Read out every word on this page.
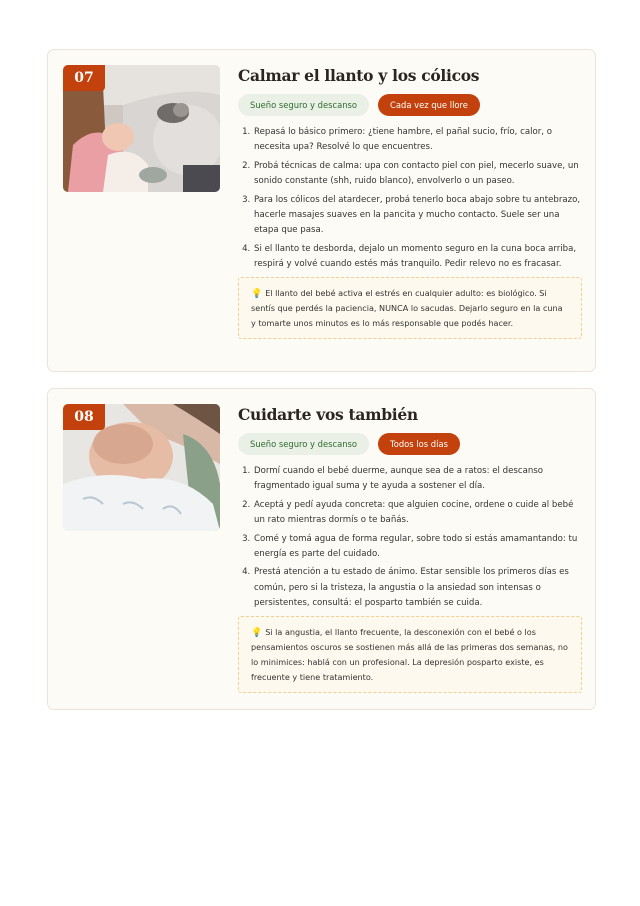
07	Calmar el llanto y los cólicos
Sueño seguro y descanso	Cada vez que llore
1. Repasá lo básico primero: ¿tiene hambre, el pañal sucio, frío, calor, o necesita upa? Resolvé lo que encuentres.
2. Probá técnicas de calma: upa con contacto piel con piel, mecerlo suave, un sonido constante (shh, ruido blanco), envolverlo o un paseo.
3. Para los cólicos del atardecer, probá tenerlo boca abajo sobre tu antebrazo, hacerle masajes suaves en la pancita y mucho contacto. Suele ser una etapa que pasa.
4. Si el llanto te desborda, dejalo un momento seguro en la cuna boca arriba, respirá y volvé cuando estés más tranquilo. Pedir relevo no es fracasar.
💡 El llanto del bebé activa el estrés en cualquier adulto: es biológico. Si sentís que perdés la paciencia, NUNCA lo sacudas. Dejarlo seguro en la cuna y tomarte unos minutos es lo más responsable que podés hacer.
08	Cuidarte vos también
Sueño seguro y descanso	Todos los días
1. Dormí cuando el bebé duerme, aunque sea de a ratos: el descanso fragmentado igual suma y te ayuda a sostener el día.
2. Aceptá y pedí ayuda concreta: que alguien cocine, ordene o cuide al bebé un rato mientras dormís o te bañás.
3. Comé y tomá agua de forma regular, sobre todo si estás amamantando: tu energía es parte del cuidado.
4. Prestá atención a tu estado de ánimo. Estar sensible los primeros días es común, pero si la tristeza, la angustia o la ansiedad son intensas o persistentes, consultá: el posparto también se cuida.
💡 Si la angustia, el llanto frecuente, la desconexión con el bebé o los pensamientos oscuros se sostienen más allá de las primeras dos semanas, no lo minimices: hablá con un profesional. La depresión posparto existe, es frecuente y tiene tratamiento.
